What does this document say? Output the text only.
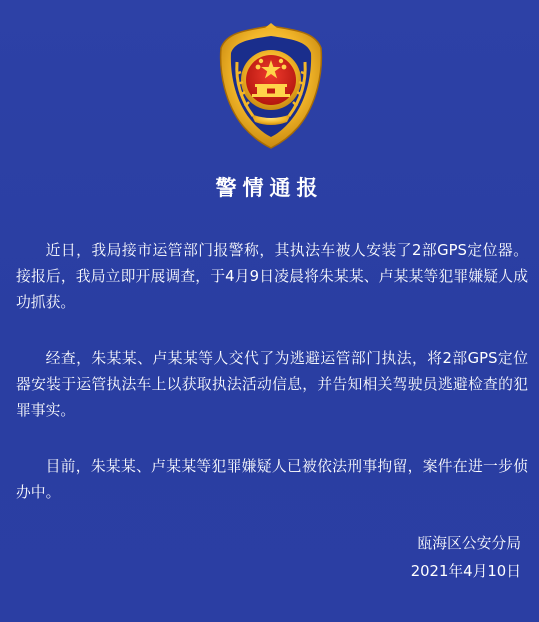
警情通报

近日，我局接市运管部门报警称，其执法车被人安装了2部GPS定位器。接报后，我局立即开展调查，于4月9日凌晨将朱某某、卢某某等犯罪嫌疑人成功抓获。

经查，朱某某、卢某某等人交代了为逃避运管部门执法，将2部GPS定位器安装于运管执法车上以获取执法活动信息，并告知相关驾驶员逃避检查的犯罪事实。

目前，朱某某、卢某某等犯罪嫌疑人已被依法刑事拘留，案件在进一步侦办中。

瓯海区公安分局
2021年4月10日
